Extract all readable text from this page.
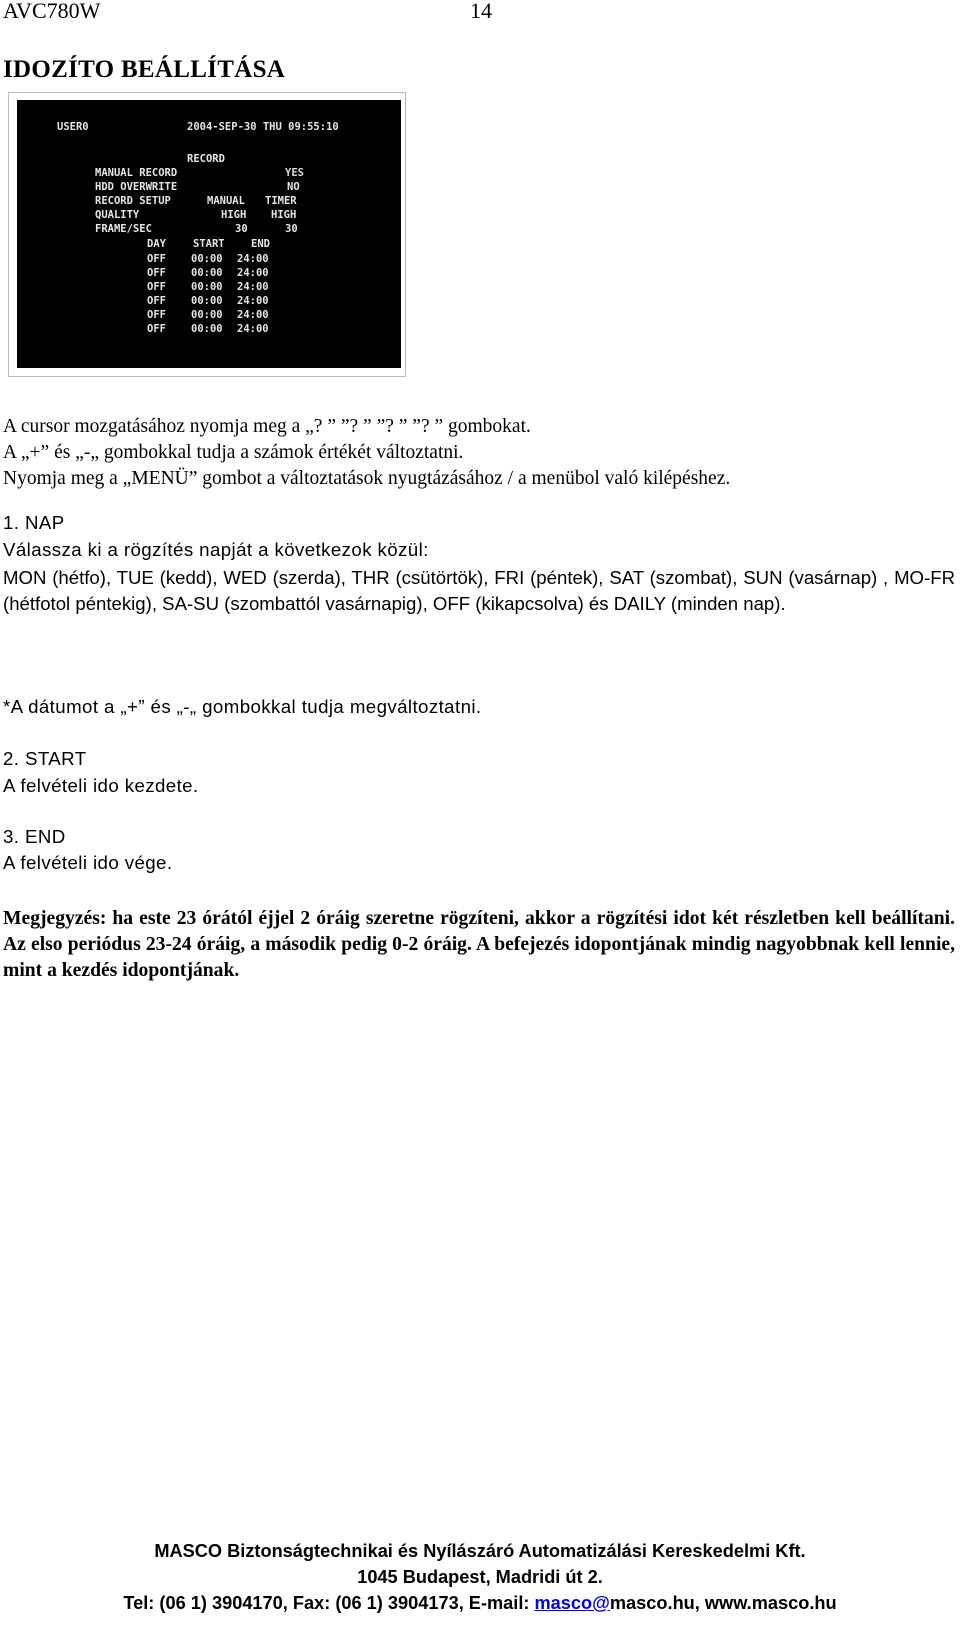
AVC780W	14
IDOZÍTO BEÁLLÍTÁSA
USER0	2004-SEP-30 THU 09:55:10
RECORD
MANUAL RECORD	YES
HDD OVERWRITE	NO
RECORD SETUP	MANUAL TIMER
QUALITY	HIGH HIGH
FRAME/SEC	30	30
DAY	START	END
OFF 00:00 24:00
OFF 00:00 24:00
OFF 00:00 24:00
OFF 00:00 24:00
OFF 00:00 24:00
OFF 00:00 24:00
A cursor mozgatásához nyomja meg a „? ” ”? ” ”? ” ”? ” gombokat.
A „+” és „-„ gombokkal tudja a számok értékét változtatni.
Nyomja meg a „MENÜ” gombot a változtatások nyugtázásához / a menübol való kilépéshez.
1. NAP
Válassza ki a rögzítés napját a következok közül:
MON (hétfo), TUE (kedd), WED (szerda), THR (csütörtök), FRI (péntek), SAT (szombat), SUN (vasárnap) , MO-FR (hétfotol péntekig), SA-SU (szombattól vasárnapig), OFF (kikapcsolva) és DAILY (minden nap).
*A dátumot a „+” és „-„ gombokkal tudja megváltoztatni.
2. START
A felvételi ido kezdete.
3. END
A felvételi ido vége.
Megjegyzés: ha este 23 órától éjjel 2 óráig szeretne rögzíteni, akkor a rögzítési idot két részletben kell beállítani. Az elso periódus 23-24 óráig, a második pedig 0-2 óráig. A befejezés idopontjának mindig nagyobbnak kell lennie, mint a kezdés idopontjának.
MASCO Biztonságtechnikai és Nyílászáró Automatizálási Kereskedelmi Kft.
1045 Budapest, Madridi út 2.
Tel: (06 1) 3904170, Fax: (06 1) 3904173, E-mail: masco@masco.hu, www.masco.hu
